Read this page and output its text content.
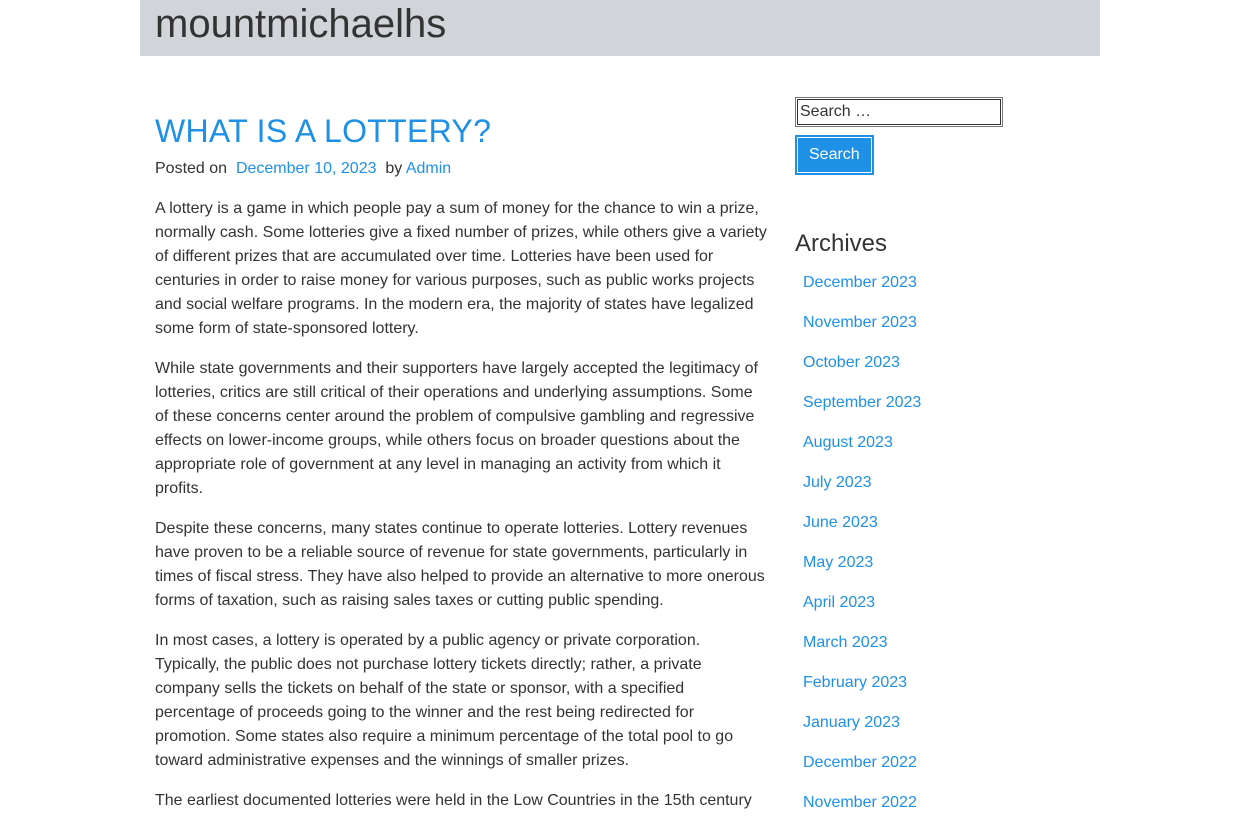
mountmichaelhs
WHAT IS A LOTTERY?
Posted on December 10, 2023 by Admin

A lottery is a game in which people pay a sum of money for the chance to win a prize, normally cash. Some lotteries give a fixed number of prizes, while others give a variety of different prizes that are accumulated over time. Lotteries have been used for centuries in order to raise money for various purposes, such as public works projects and social welfare programs. In the modern era, the majority of states have legalized some form of state-sponsored lottery.

While state governments and their supporters have largely accepted the legitimacy of lotteries, critics are still critical of their operations and underlying assumptions. Some of these concerns center around the problem of compulsive gambling and regressive effects on lower-income groups, while others focus on broader questions about the appropriate role of government at any level in managing an activity from which it profits.

Despite these concerns, many states continue to operate lotteries. Lottery revenues have proven to be a reliable source of revenue for state governments, particularly in times of fiscal stress. They have also helped to provide an alternative to more onerous forms of taxation, such as raising sales taxes or cutting public spending.

In most cases, a lottery is operated by a public agency or private corporation. Typically, the public does not purchase lottery tickets directly; rather, a private company sells the tickets on behalf of the state or sponsor, with a specified percentage of proceeds going to the winner and the rest being redirected for promotion. Some states also require a minimum percentage of the total pool to go toward administrative expenses and the winnings of smaller prizes.

The earliest documented lotteries were held in the Low Countries in the 15th century

Search …
Search
Archives
December 2023
November 2023
October 2023
September 2023
August 2023
July 2023
June 2023
May 2023
April 2023
March 2023
February 2023
January 2023
December 2022
November 2022
